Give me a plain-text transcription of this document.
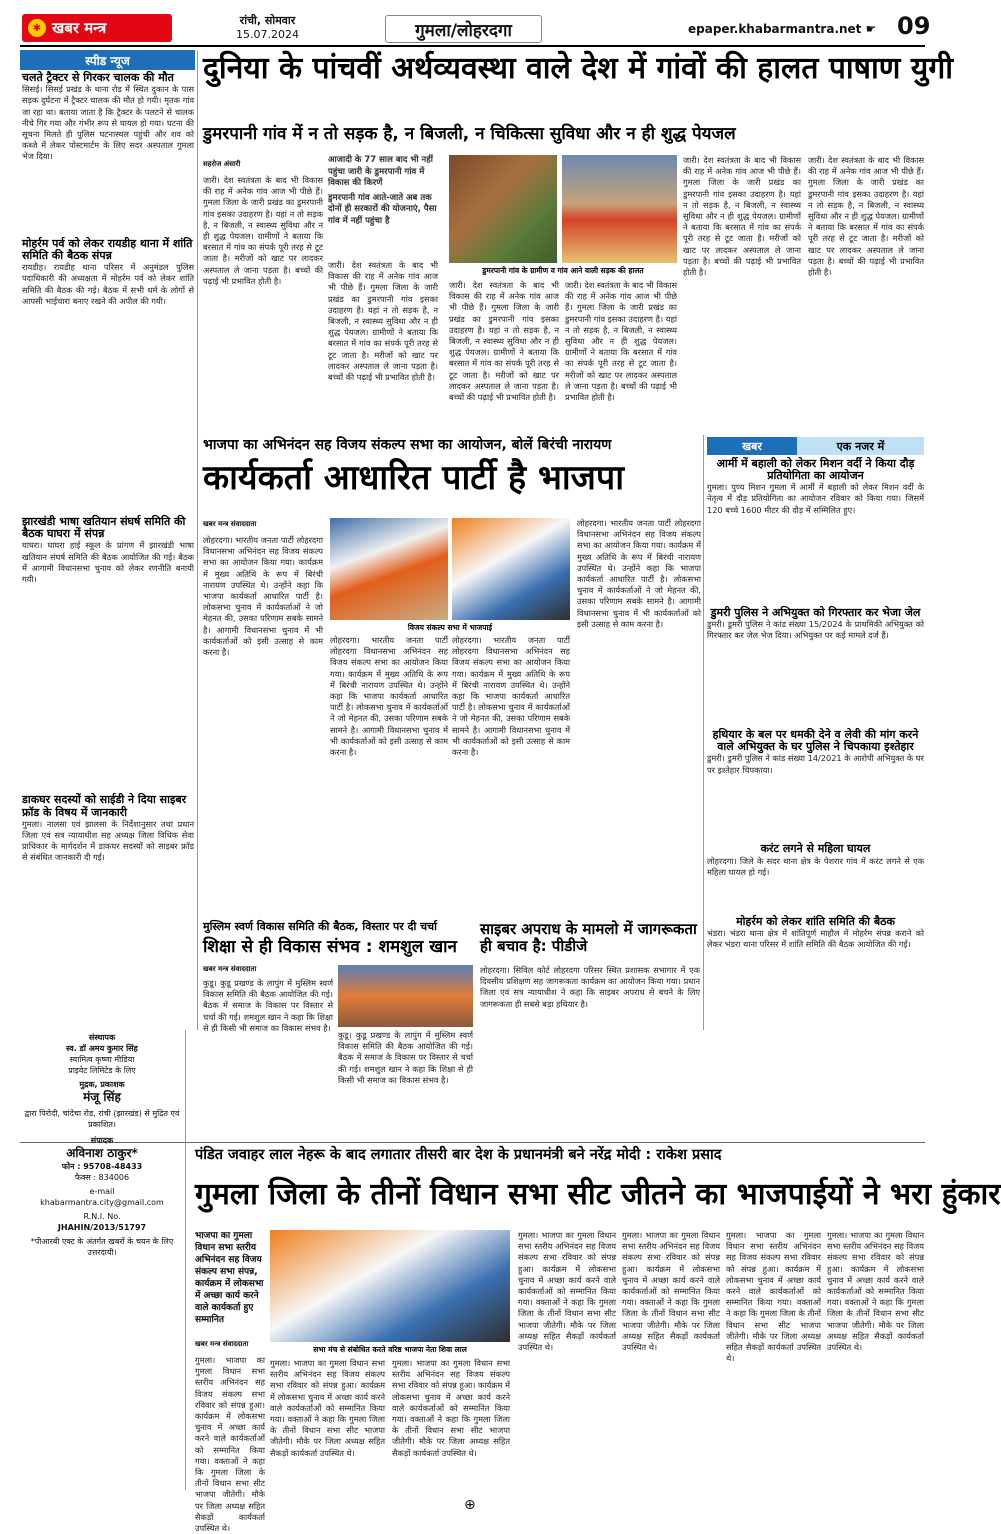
✱ खबर मन्त्र	रांची, सोमवार
15.07.2024	गुमला/लोहरदगा	epaper.khabarmantra.net ☛ 09
स्पीड न्यूज
चलते ट्रैक्टर से गिरकर चालक की मौत
सिसई। सिसई प्रखंड के थाना रोड में स्थित दुकान के पास सड़क दुर्घटना में ट्रैक्टर चालक की मौत हो गयी। मृतक गांव जा रहा था। बताया जाता है कि ट्रैक्टर के पलटने से चालक नीचे गिर गया और गंभीर रूप से घायल हो गया। घटना की सूचना मिलते ही पुलिस घटनास्थल पहुंची और शव को कब्जे में लेकर पोस्टमार्टम के लिए सदर अस्पताल गुमला भेज दिया।
मोहर्रम पर्व को लेकर रायडीह थाना में शांति समिति की बैठक संपन्न
रायडीह। रायडीह थाना परिसर में अनुमंडल पुलिस पदाधिकारी की अध्यक्षता में मोहर्रम पर्व को लेकर शांति समिति की बैठक की गई। बैठक में सभी धर्म के लोगों से आपसी भाईचारा बनाए रखने की अपील की गयी।
झारखंडी भाषा खतियान संघर्ष समिति की बैठक घाघरा में संपन्न
घाघरा। घाघरा हाई स्कूल के प्रांगण में झारखंडी भाषा खतियान संघर्ष समिति की बैठक आयोजित की गई। बैठक में आगामी विधानसभा चुनाव को लेकर रणनीति बनायी गयी।
डाकघर सदस्यों को साईडी ने दिया साइबर फ्रॉड के विषय में जानकारी
गुमला। नालसा एवं झालसा के निर्देशानुसार तथा प्रधान जिला एवं सत्र न्यायाधीश सह अध्यक्ष जिला विधिक सेवा प्राधिकार के मार्गदर्शन में डाकघर सदस्यों को साइबर फ्रॉड से संबंधित जानकारी दी गई।
दुनिया के पांचवीं अर्थव्यवस्था वाले देश में गांवों की हालत पाषाण युगी
डुमरपानी गांव में न तो सड़क है, न बिजली, न चिकित्सा सुविधा और न ही शुद्ध पेयजल
सहरोज अंसारी
जारी। देश स्वतंत्रता के बाद भी विकास की राह में अनेक गांव आज भी पीछे हैं। गुमला जिला के जारी प्रखंड का डुमरपानी गांव इसका उदाहरण है। यहां न तो सड़क है, न बिजली, न स्वास्थ्य सुविधा और न ही शुद्ध पेयजल। ग्रामीणों ने बताया कि बरसात में गांव का संपर्क पूरी तरह से टूट जाता है। मरीजों को खाट पर लादकर अस्पताल ले जाना पड़ता है। बच्चों की पढ़ाई भी प्रभावित होती है।
जारी। देश स्वतंत्रता के बाद भी विकास की राह में अनेक गांव आज भी पीछे हैं। गुमला जिला के जारी प्रखंड का डुमरपानी गांव इसका उदाहरण है। यहां न तो सड़क है, न बिजली, न स्वास्थ्य सुविधा और न ही शुद्ध पेयजल। ग्रामीणों ने बताया कि बरसात में गांव का संपर्क पूरी तरह से टूट जाता है। मरीजों को खाट पर लादकर अस्पताल ले जाना पड़ता है। बच्चों की पढ़ाई भी प्रभावित होती है।
आजादी के 77 साल बाद भी नहीं पहुंचा जारी के डुमरपानी गांव में विकास की किरणें
डुमरपानी गांव आते-जाते अब तक दोनों ही सरकारों की योजनाएं, पैसा गांव में नहीं पहुंचा है
डुमरपानी गांव के ग्रामीण व गांव आने वाली सड़क की हालत
जारी। देश स्वतंत्रता के बाद भी विकास की राह में अनेक गांव आज भी पीछे हैं। गुमला जिला के जारी प्रखंड का डुमरपानी गांव इसका उदाहरण है। यहां न तो सड़क है, न बिजली, न स्वास्थ्य सुविधा और न ही शुद्ध पेयजल। ग्रामीणों ने बताया कि बरसात में गांव का संपर्क पूरी तरह से टूट जाता है। मरीजों को खाट पर लादकर अस्पताल ले जाना पड़ता है। बच्चों की पढ़ाई भी प्रभावित होती है।
जारी। देश स्वतंत्रता के बाद भी विकास की राह में अनेक गांव आज भी पीछे हैं। गुमला जिला के जारी प्रखंड का डुमरपानी गांव इसका उदाहरण है। यहां न तो सड़क है, न बिजली, न स्वास्थ्य सुविधा और न ही शुद्ध पेयजल। ग्रामीणों ने बताया कि बरसात में गांव का संपर्क पूरी तरह से टूट जाता है। मरीजों को खाट पर लादकर अस्पताल ले जाना पड़ता है। बच्चों की पढ़ाई भी प्रभावित होती है।
जारी। देश स्वतंत्रता के बाद भी विकास की राह में अनेक गांव आज भी पीछे हैं। गुमला जिला के जारी प्रखंड का डुमरपानी गांव इसका उदाहरण है। यहां न तो सड़क है, न बिजली, न स्वास्थ्य सुविधा और न ही शुद्ध पेयजल। ग्रामीणों ने बताया कि बरसात में गांव का संपर्क पूरी तरह से टूट जाता है। मरीजों को खाट पर लादकर अस्पताल ले जाना पड़ता है। बच्चों की पढ़ाई भी प्रभावित होती है।
जारी। देश स्वतंत्रता के बाद भी विकास की राह में अनेक गांव आज भी पीछे हैं। गुमला जिला के जारी प्रखंड का डुमरपानी गांव इसका उदाहरण है। यहां न तो सड़क है, न बिजली, न स्वास्थ्य सुविधा और न ही शुद्ध पेयजल। ग्रामीणों ने बताया कि बरसात में गांव का संपर्क पूरी तरह से टूट जाता है। मरीजों को खाट पर लादकर अस्पताल ले जाना पड़ता है। बच्चों की पढ़ाई भी प्रभावित होती है।
भाजपा का अभिनंदन सह विजय संकल्प सभा का आयोजन, बोलें बिरंची नारायण
कार्यकर्ता आधारित पार्टी है भाजपा
खबर मन्त्र संवाददाता
लोहरदगा। भारतीय जनता पार्टी लोहरदगा विधानसभा अभिनंदन सह विजय संकल्प सभा का आयोजन किया गया। कार्यक्रम में मुख्य अतिथि के रूप में बिरंची नारायण उपस्थित थे। उन्होंने कहा कि भाजपा कार्यकर्ता आधारित पार्टी है। लोकसभा चुनाव में कार्यकर्ताओं ने जो मेहनत की, उसका परिणाम सबके सामने है। आगामी विधानसभा चुनाव में भी कार्यकर्ताओं को इसी उत्साह से काम करना है।
विजय संकल्प सभा में भाजपाई
लोहरदगा। भारतीय जनता पार्टी लोहरदगा विधानसभा अभिनंदन सह विजय संकल्प सभा का आयोजन किया गया। कार्यक्रम में मुख्य अतिथि के रूप में बिरंची नारायण उपस्थित थे। उन्होंने कहा कि भाजपा कार्यकर्ता आधारित पार्टी है। लोकसभा चुनाव में कार्यकर्ताओं ने जो मेहनत की, उसका परिणाम सबके सामने है। आगामी विधानसभा चुनाव में भी कार्यकर्ताओं को इसी उत्साह से काम करना है।
लोहरदगा। भारतीय जनता पार्टी लोहरदगा विधानसभा अभिनंदन सह विजय संकल्प सभा का आयोजन किया गया। कार्यक्रम में मुख्य अतिथि के रूप में बिरंची नारायण उपस्थित थे। उन्होंने कहा कि भाजपा कार्यकर्ता आधारित पार्टी है। लोकसभा चुनाव में कार्यकर्ताओं ने जो मेहनत की, उसका परिणाम सबके सामने है। आगामी विधानसभा चुनाव में भी कार्यकर्ताओं को इसी उत्साह से काम करना है।
लोहरदगा। भारतीय जनता पार्टी लोहरदगा विधानसभा अभिनंदन सह विजय संकल्प सभा का आयोजन किया गया। कार्यक्रम में मुख्य अतिथि के रूप में बिरंची नारायण उपस्थित थे। उन्होंने कहा कि भाजपा कार्यकर्ता आधारित पार्टी है। लोकसभा चुनाव में कार्यकर्ताओं ने जो मेहनत की, उसका परिणाम सबके सामने है। आगामी विधानसभा चुनाव में भी कार्यकर्ताओं को इसी उत्साह से काम करना है।
खबर	एक नजर में
आर्मी में बहाली को लेकर मिशन वर्दी ने किया दौड़ प्रतियोगिता का आयोजन
गुमला। पुण्य मिशन गुमला में आर्मी में बहाली को लेकर मिशन वर्दी के नेतृत्व में दौड़ प्रतियोगिता का आयोजन रविवार को किया गया। जिसमें 120 बच्चे 1600 मीटर की दौड़ में सम्मिलित हुए।
डुमरी पुलिस ने अभियुक्त को गिरफ्तार कर भेजा जेल
डुमरी। डुमरी पुलिस ने कांड संख्या 15/2024 के प्राथमिकी अभियुक्त को गिरफ्तार कर जेल भेज दिया। अभियुक्त पर कई मामले दर्ज हैं।
हथियार के बल पर धमकी देने व लेवी की मांग करने वाले अभियुक्त के घर पुलिस ने चिपकाया इश्तेहार
डुमरी। डुमरी पुलिस ने कांड संख्या 14/2021 के आरोपी अभियुक्त के घर पर इश्तेहार चिपकाया।
करंट लगने से महिला घायल
लोहरदगा। जिले के सदर थाना क्षेत्र के पेशरार गांव में करंट लगने से एक महिला घायल हो गई।
मोहर्रम को लेकर शांति समिति की बैठक
भंडरा। भंडरा थाना क्षेत्र में शांतिपूर्ण माहौल में मोहर्रम संपन्न कराने को लेकर भंडरा थाना परिसर में शांति समिति की बैठक आयोजित की गई।
मुस्लिम स्वर्ण विकास समिति की बैठक, विस्तार पर दी चर्चा
शिक्षा से ही विकास संभव : शमशुल खान
खबर मन्त्र संवाददाता
कुडू। कुडू प्रखण्ड के लापुंग में मुस्लिम स्वर्ण विकास समिति की बैठक आयोजित की गई। बैठक में समाज के विकास पर विस्तार से चर्चा की गई। शमशुल खान ने कहा कि शिक्षा से ही किसी भी समाज का विकास संभव है।
कुडू। कुडू प्रखण्ड के लापुंग में मुस्लिम स्वर्ण विकास समिति की बैठक आयोजित की गई। बैठक में समाज के विकास पर विस्तार से चर्चा की गई। शमशुल खान ने कहा कि शिक्षा से ही किसी भी समाज का विकास संभव है।
साइबर अपराध के मामलो में जागरूकता ही बचाव है: पीडीजे
लोहरदगा। सिविल कोर्ट लोहरदगा परिसर स्थित प्रशासक सभागार में एक दिवसीय प्रशिक्षण सह जागरूकता कार्यक्रम का आयोजन किया गया। प्रधान जिला एवं सत्र न्यायाधीश ने कहा कि साइबर अपराध से बचने के लिए जागरूकता ही सबसे बड़ा हथियार है।
संस्थापक
स्व. डॉ अमय कुमार सिंह
स्वामित्व कृष्णा मीडिया
प्राइवेट लिमिटेड के लिए
मुद्रक, प्रकाशक
मंजू सिंह
द्वारा पिरोदी, चांदेचा रोड, रांची (झारखंड) से मुद्रित एवं प्रकाशित।
संपादक
अविनाश ठाकुर*
फोन : 95708-48433
फैक्स : 834006
e-mail
khabarmantra.city@gmail.com
R.N.I. No.
JHAHIN/2013/51797
*पीआरबी एक्ट के अंतर्गत खबरों के चयन के लिए उत्तरदायी।
पंडित जवाहर लाल नेहरू के बाद लगातार तीसरी बार देश के प्रधानमंत्री बने नरेंद्र मोदी : राकेश प्रसाद
गुमला जिला के तीनों विधान सभा सीट जीतने का भाजपाईयों ने भरा हुंकार
भाजपा का गुमला विधान सभा स्तरीय अभिनंदन सह विजय संकल्प सभा संपन्न, कार्यक्रम में लोकसभा में अच्छा कार्य करने वाले कार्यकर्ता हुए सम्मानित
खबर मन्त्र संवाददाता
गुमला। भाजपा का गुमला विधान सभा स्तरीय अभिनंदन सह विजय संकल्प सभा रविवार को संपन्न हुआ। कार्यक्रम में लोकसभा चुनाव में अच्छा कार्य करने वाले कार्यकर्ताओं को सम्मानित किया गया। वक्ताओं ने कहा कि गुमला जिला के तीनों विधान सभा सीट भाजपा जीतेगी। मौके पर जिला अध्यक्ष सहित सैकड़ों कार्यकर्ता उपस्थित थे।
सभा मंच से संबोधित करते वरिष्ठ भाजपा नेता शिवा लाल
गुमला। भाजपा का गुमला विधान सभा स्तरीय अभिनंदन सह विजय संकल्प सभा रविवार को संपन्न हुआ। कार्यक्रम में लोकसभा चुनाव में अच्छा कार्य करने वाले कार्यकर्ताओं को सम्मानित किया गया। वक्ताओं ने कहा कि गुमला जिला के तीनों विधान सभा सीट भाजपा जीतेगी। मौके पर जिला अध्यक्ष सहित सैकड़ों कार्यकर्ता उपस्थित थे।
गुमला। भाजपा का गुमला विधान सभा स्तरीय अभिनंदन सह विजय संकल्प सभा रविवार को संपन्न हुआ। कार्यक्रम में लोकसभा चुनाव में अच्छा कार्य करने वाले कार्यकर्ताओं को सम्मानित किया गया। वक्ताओं ने कहा कि गुमला जिला के तीनों विधान सभा सीट भाजपा जीतेगी। मौके पर जिला अध्यक्ष सहित सैकड़ों कार्यकर्ता उपस्थित थे।
गुमला। भाजपा का गुमला विधान सभा स्तरीय अभिनंदन सह विजय संकल्प सभा रविवार को संपन्न हुआ। कार्यक्रम में लोकसभा चुनाव में अच्छा कार्य करने वाले कार्यकर्ताओं को सम्मानित किया गया। वक्ताओं ने कहा कि गुमला जिला के तीनों विधान सभा सीट भाजपा जीतेगी। मौके पर जिला अध्यक्ष सहित सैकड़ों कार्यकर्ता उपस्थित थे।
गुमला। भाजपा का गुमला विधान सभा स्तरीय अभिनंदन सह विजय संकल्प सभा रविवार को संपन्न हुआ। कार्यक्रम में लोकसभा चुनाव में अच्छा कार्य करने वाले कार्यकर्ताओं को सम्मानित किया गया। वक्ताओं ने कहा कि गुमला जिला के तीनों विधान सभा सीट भाजपा जीतेगी। मौके पर जिला अध्यक्ष सहित सैकड़ों कार्यकर्ता उपस्थित थे।
गुमला। भाजपा का गुमला विधान सभा स्तरीय अभिनंदन सह विजय संकल्प सभा रविवार को संपन्न हुआ। कार्यक्रम में लोकसभा चुनाव में अच्छा कार्य करने वाले कार्यकर्ताओं को सम्मानित किया गया। वक्ताओं ने कहा कि गुमला जिला के तीनों विधान सभा सीट भाजपा जीतेगी। मौके पर जिला अध्यक्ष सहित सैकड़ों कार्यकर्ता उपस्थित थे।
गुमला। भाजपा का गुमला विधान सभा स्तरीय अभिनंदन सह विजय संकल्प सभा रविवार को संपन्न हुआ। कार्यक्रम में लोकसभा चुनाव में अच्छा कार्य करने वाले कार्यकर्ताओं को सम्मानित किया गया। वक्ताओं ने कहा कि गुमला जिला के तीनों विधान सभा सीट भाजपा जीतेगी। मौके पर जिला अध्यक्ष सहित सैकड़ों कार्यकर्ता उपस्थित थे।
⊕
